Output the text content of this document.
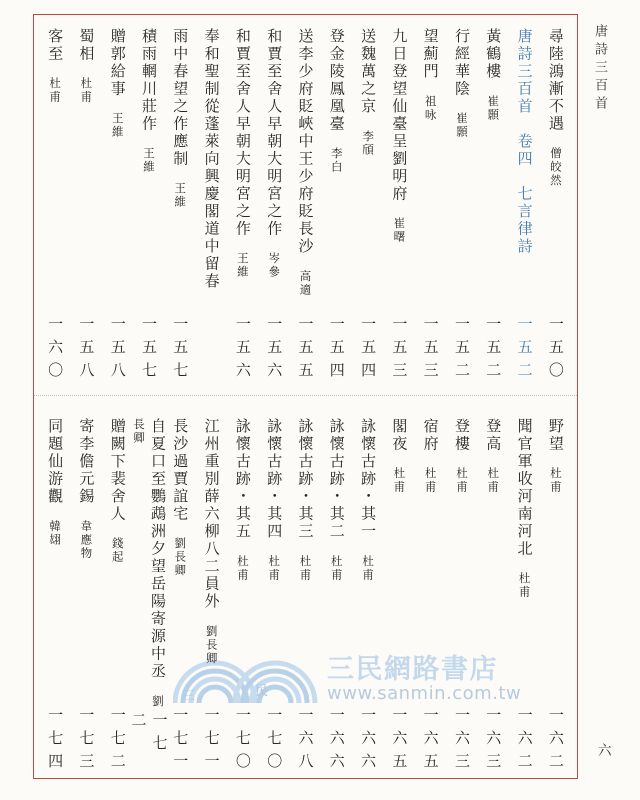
尋陸鴻漸不遇僧皎然
一五〇
唐詩三百首　卷四　七言律詩
一五二
黃鶴樓崔顥
一五二
行經華陰崔顥
一五二
望薊門祖咏
一五三
九日登望仙臺呈劉明府崔曙
一五三
送魏萬之京李頎
一五四
登金陵鳳凰臺李白
一五四
送李少府貶峽中王少府貶長沙高適
一五五
和賈至舍人早朝大明宮之作岑參
一五六
和賈至舍人早朝大明宮之作王維
一五六
奉和聖制從蓬萊向興慶閣道中留春
雨中春望之作應制王維
一五七
積雨輞川莊作王維
一五七
贈郭給事王維
一五八
蜀相杜甫
一五八
客至杜甫
一六〇
三	民
三民網路書店
www.sanmin.com.tw
野望杜甫
一六二
聞官軍收河南河北杜甫
一六二
登高杜甫
一六三
登樓杜甫
一六三
宿府杜甫
一六五
閣夜杜甫
一六五
詠懷古跡・其一杜甫
一六六
詠懷古跡・其二杜甫
一六六
詠懷古跡・其三杜甫
一六八
詠懷古跡・其四杜甫
一七〇
詠懷古跡・其五杜甫
一七〇
江州重別薛六柳八二員外劉長卿
一七一
長沙過賈誼宅劉長卿
一七一
自夏口至鸚鵡洲夕望岳陽寄源中丞劉長卿
一七二
贈闕下裴舍人錢起
一七二
寄李儋元錫韋應物
一七三
同題仙游觀韓翃
一七四
唐詩三百首
六
